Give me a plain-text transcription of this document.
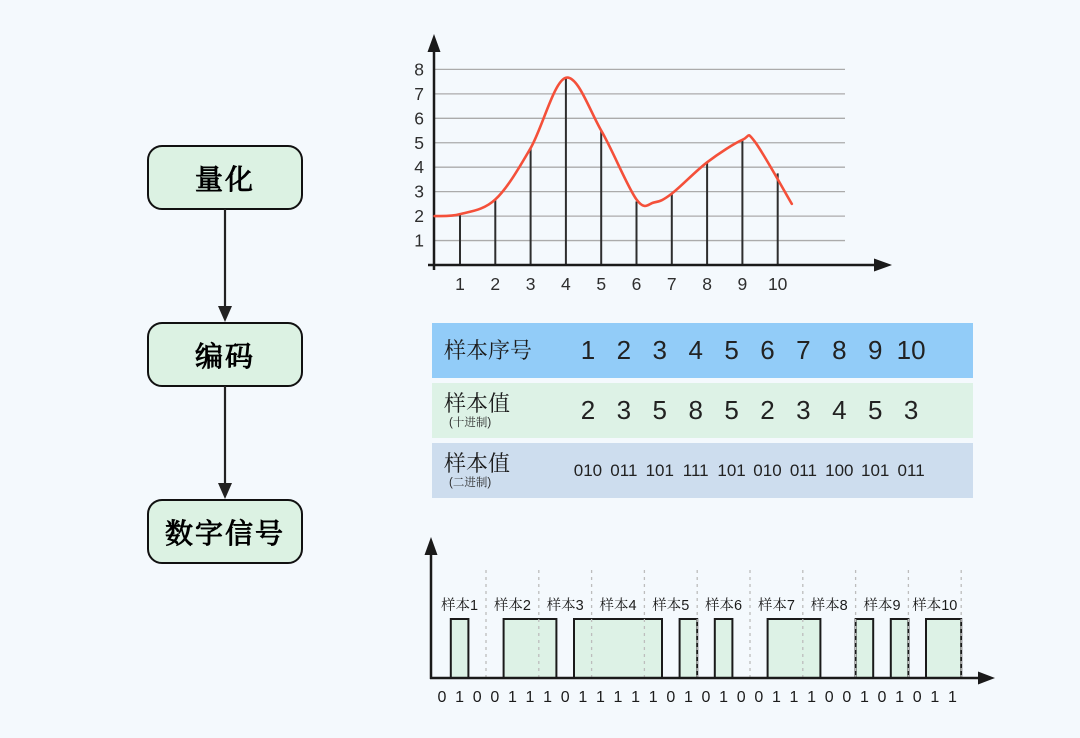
量化
编码
数字信号
1
2
3
4
5
6
7
8
1 2 3 4 5 6 7 8 9 10
样本序号	1 2 3 4 5 6 7 8 9 10
样本值
(十进制)	2 3 5 8 5 2 3 4 5 3
样本值
(二进制)
010 011 101 111 101 010 011 100 101 011
样本1 样本2 样本3 样本4 样本5 样本6 样本7 样本8 样本9 样本10
0 1 0 0 1 1 1 0 1 1 1 1 1 0 1 0 1 0 0 1 1 1 0 0 1 0 1 0 1 1
